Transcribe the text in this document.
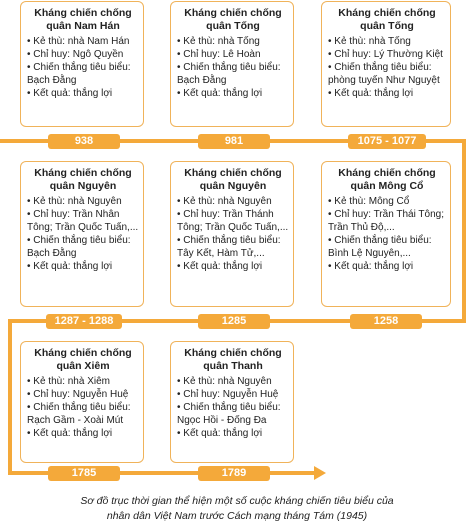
Kháng chiến chống
quân Nam Hán
• Kẻ thù: nhà Nam Hán
• Chỉ huy: Ngô Quyền
• Chiến thắng tiêu biểu:
Bạch Đằng
• Kết quả: thắng lợi
938
Kháng chiến chống
quân Tống
• Kẻ thù: nhà Tống
• Chỉ huy: Lê Hoàn
• Chiến thắng tiêu biểu:
Bạch Đằng
• Kết quả: thắng lợi
981
Kháng chiến chống
quân Tống
• Kẻ thù: nhà Tống
• Chỉ huy: Lý Thường Kiệt
• Chiến thắng tiêu biểu:
phòng tuyến Như Nguyệt
• Kết quả: thắng lợi
1075 - 1077
Kháng chiến chống
quân Nguyên
• Kẻ thù: nhà Nguyên
• Chỉ huy: Trần Nhân
Tông; Trần Quốc Tuấn,...
• Chiến thắng tiêu biểu:
Bạch Đằng
• Kết quả: thắng lợi
1287 - 1288
Kháng chiến chống
quân Nguyên
• Kẻ thù: nhà Nguyên
• Chỉ huy: Trần Thánh
Tông; Trần Quốc Tuấn,...
• Chiến thắng tiêu biểu:
Tây Kết, Hàm Tử,...
• Kết quả: thắng lợi
1285
Kháng chiến chống
quân Mông Cổ
• Kẻ thù: Mông Cổ
• Chỉ huy: Trần Thái Tông;
Trần Thủ Độ,...
• Chiến thắng tiêu biểu:
Bình Lệ Nguyên,...
• Kết quả: thắng lợi
1258
Kháng chiến chống
quân Xiêm
• Kẻ thù: nhà Xiêm
• Chỉ huy: Nguyễn Huệ
• Chiến thắng tiêu biểu:
Rạch Gầm - Xoài Mút
• Kết quả: thắng lợi
1785
Kháng chiến chống
quân Thanh
• Kẻ thù: nhà Nguyên
• Chỉ huy: Nguyễn Huệ
• Chiến thắng tiêu biểu:
Ngọc Hồi - Đống Đa
• Kết quả: thắng lợi
1789
Sơ đồ trục thời gian thể hiện một số cuộc kháng chiến tiêu biểu của
nhân dân Việt Nam trước Cách mạng tháng Tám (1945)
